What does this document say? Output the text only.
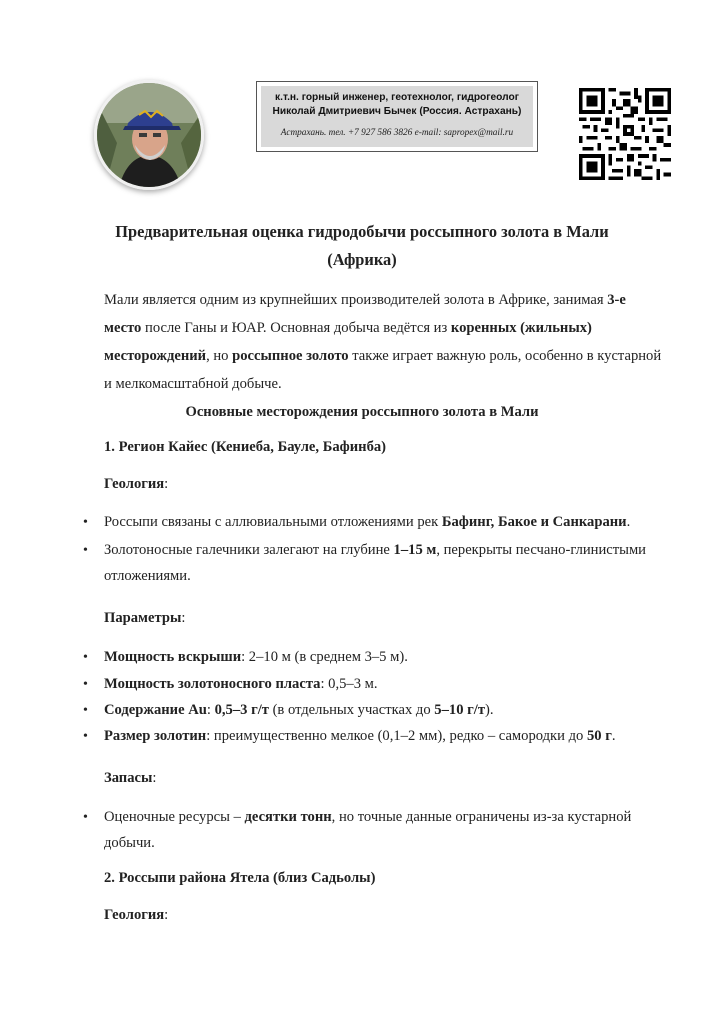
к.т.н. горный инженер, геотехнолог, гидрогеолог
Николай Дмитриевич Бычек (Россия. Астрахань)
Астрахань. тел. +7 927 586 3826 e-mail: sapropex@mail.ru
Предварительная оценка гидродобычи россыпного золота в Мали
(Африка)
Мали является одним из крупнейших производителей золота в Африке, занимая 3-е
место после Ганы и ЮАР. Основная добыча ведётся из коренных (жильных)
месторождений, но россыпное золото также играет важную роль, особенно в кустарной
и мелкомасштабной добыче.
Основные месторождения россыпного золота в Мали
1. Регион Кайес (Кениеба, Бауле, Бафинба)
Геология:
•
Россыпи связаны с аллювиальными отложениями рек Бафинг, Бакое и Санкарани.
•
Золотоносные галечники залегают на глубине 1–15 м, перекрыты песчано-глинистыми
отложениями.
Параметры:
•
Мощность вскрыши: 2–10 м (в среднем 3–5 м).
•
Мощность золотоносного пласта: 0,5–3 м.
•
Содержание Au: 0,5–3 г/т (в отдельных участках до 5–10 г/т).
•
Размер золотин: преимущественно мелкое (0,1–2 мм), редко – самородки до 50 г.
Запасы:
•
Оценочные ресурсы – десятки тонн, но точные данные ограничены из-за кустарной
добычи.
2. Россыпи района Ятела (близ Садьолы)
Геология:
